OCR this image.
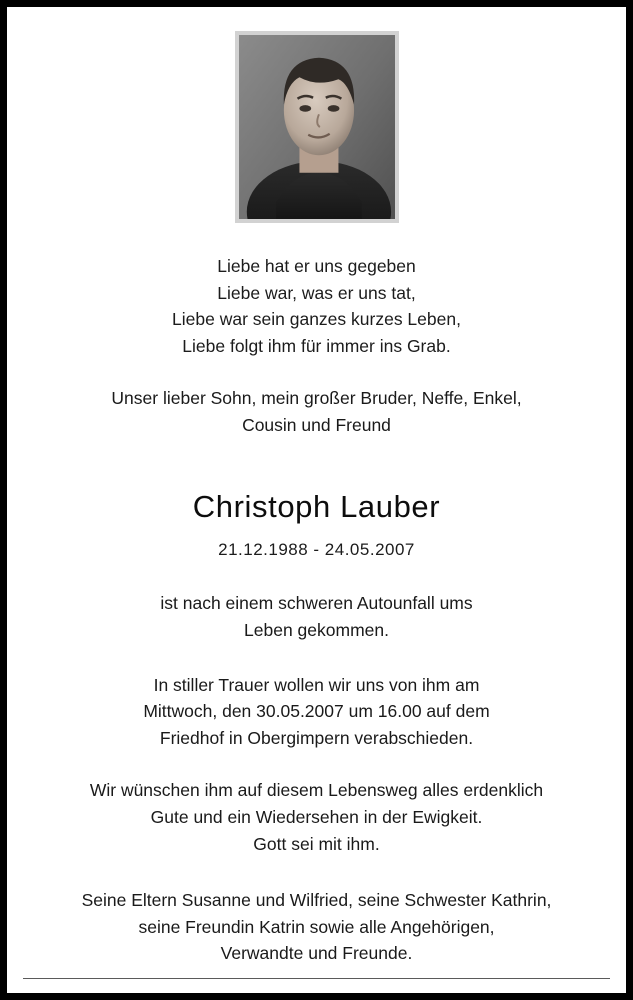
Liebe hat er uns gegeben
Liebe war, was er uns tat,
Liebe war sein ganzes kurzes Leben,
Liebe folgt ihm für immer ins Grab.
Unser lieber Sohn, mein großer Bruder, Neffe, Enkel,
Cousin und Freund
Christoph Lauber
21.12.1988 - 24.05.2007
ist nach einem schweren Autounfall ums
Leben gekommen.
In stiller Trauer wollen wir uns von ihm am
Mittwoch, den 30.05.2007 um 16.00 auf dem
Friedhof in Obergimpern verabschieden.
Wir wünschen ihm auf diesem Lebensweg alles erdenklich
Gute und ein Wiedersehen in der Ewigkeit.
Gott sei mit ihm.
Seine Eltern Susanne und Wilfried, seine Schwester Kathrin,
seine Freundin Katrin sowie alle Angehörigen,
Verwandte und Freunde.
